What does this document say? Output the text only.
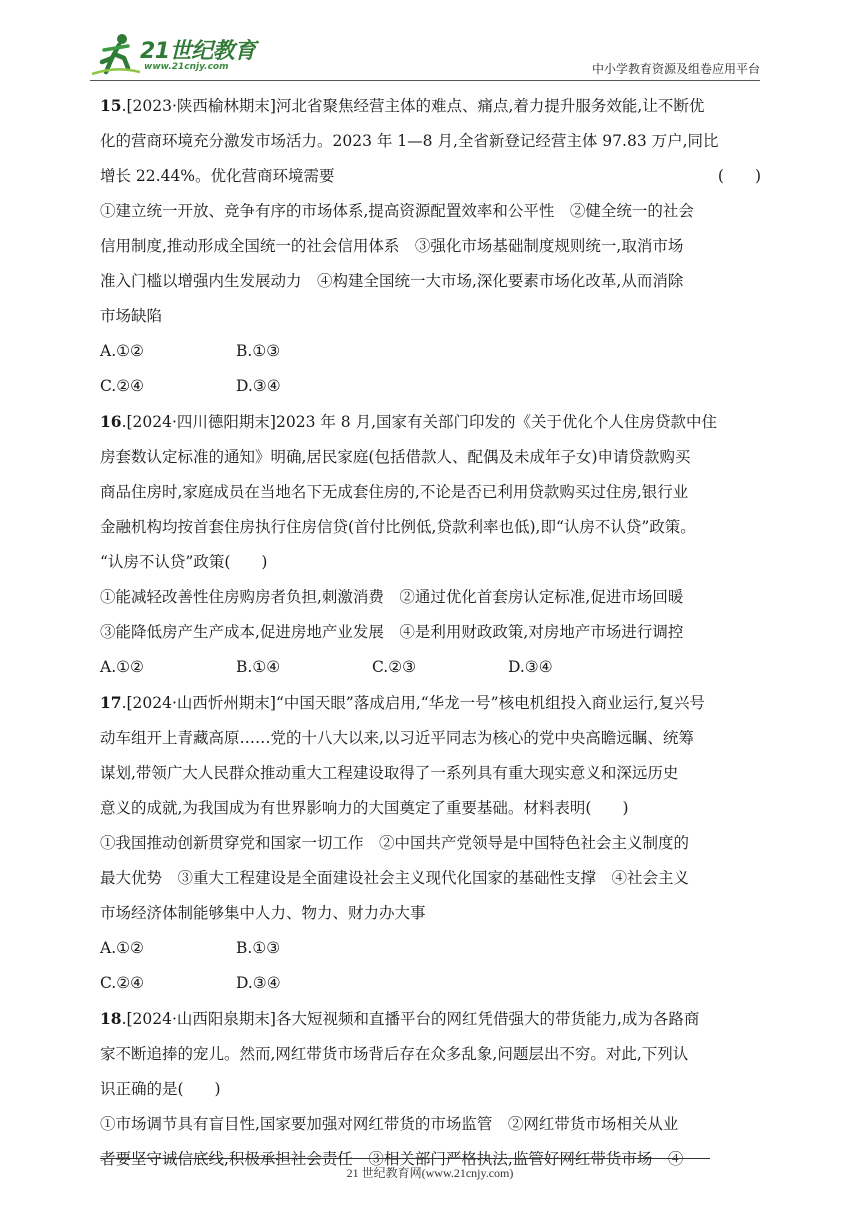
21世纪教育
www.21cnjy.com	中小学教育资源及组卷应用平台

15.[2023·陕西榆林期末]河北省聚焦经营主体的难点、痛点,着力提升服务效能,让不断优

化的营商环境充分激发市场活力。2023 年 1—8 月,全省新登记经营主体 97.83 万户,同比

增长 22.44%。优化营商环境需要	(　　)

①建立统一开放、竞争有序的市场体系,提高资源配置效率和公平性　②健全统一的社会

信用制度,推动形成全国统一的社会信用体系　③强化市场基础制度规则统一,取消市场

准入门槛以增强内生发展动力　④构建全国统一大市场,深化要素市场化改革,从而消除

市场缺陷

A.①②	B.①③
C.②④	D.③④

16.[2024·四川德阳期末]2023 年 8 月,国家有关部门印发的《关于优化个人住房贷款中住

房套数认定标准的通知》明确,居民家庭(包括借款人、配偶及未成年子女)申请贷款购买

商品住房时,家庭成员在当地名下无成套住房的,不论是否已利用贷款购买过住房,银行业

金融机构均按首套住房执行住房信贷(首付比例低,贷款利率也低),即“认房不认贷”政策。

“认房不认贷”政策(　　)

①能减轻改善性住房购房者负担,刺激消费　②通过优化首套房认定标准,促进市场回暖

③能降低房产生产成本,促进房地产业发展　④是利用财政政策,对房地产市场进行调控

A.①②	B.①④	C.②③	D.③④

17.[2024·山西忻州期末]“中国天眼”落成启用,“华龙一号”核电机组投入商业运行,复兴号

动车组开上青藏高原……党的十八大以来,以习近平同志为核心的党中央高瞻远瞩、统筹

谋划,带领广大人民群众推动重大工程建设取得了一系列具有重大现实意义和深远历史

意义的成就,为我国成为有世界影响力的大国奠定了重要基础。材料表明(　　)

①我国推动创新贯穿党和国家一切工作　②中国共产党领导是中国特色社会主义制度的

最大优势　③重大工程建设是全面建设社会主义现代化国家的基础性支撑　④社会主义

市场经济体制能够集中人力、物力、财力办大事

A.①②	B.①③
C.②④	D.③④

18.[2024·山西阳泉期末]各大短视频和直播平台的网红凭借强大的带货能力,成为各路商

家不断追捧的宠儿。然而,网红带货市场背后存在众多乱象,问题层出不穷。对此,下列认

识正确的是(　　)

①市场调节具有盲目性,国家要加强对网红带货的市场监管　②网红带货市场相关从业

者要坚守诚信底线,积极承担社会责任　③相关部门严格执法,监管好网红带货市场　④

21 世纪教育网(www.21cnjy.com)
